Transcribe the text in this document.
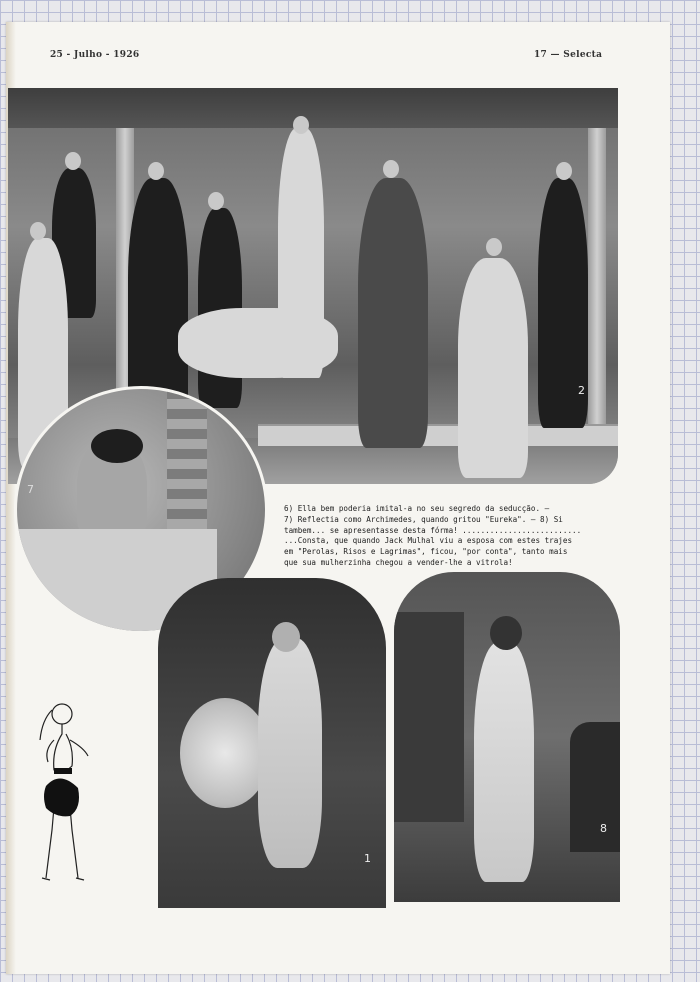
25 - Julho - 1926	17 — Selecta
2
7

6) Ella bem poderia imital-a no seu segredo da seducção. —

7) Reflectia como Archimedes, quando gritou "Eureka". — 8) Si

tambem... se apresentasse desta fórma! ..........................

...Consta, que quando Jack Mulhal viu a esposa com estes trajes

em "Perolas, Risos e Lagrimas", ficou, "por conta", tanto mais

que sua mulherzinha chegou a vender-lhe a vitrola!

1
8
